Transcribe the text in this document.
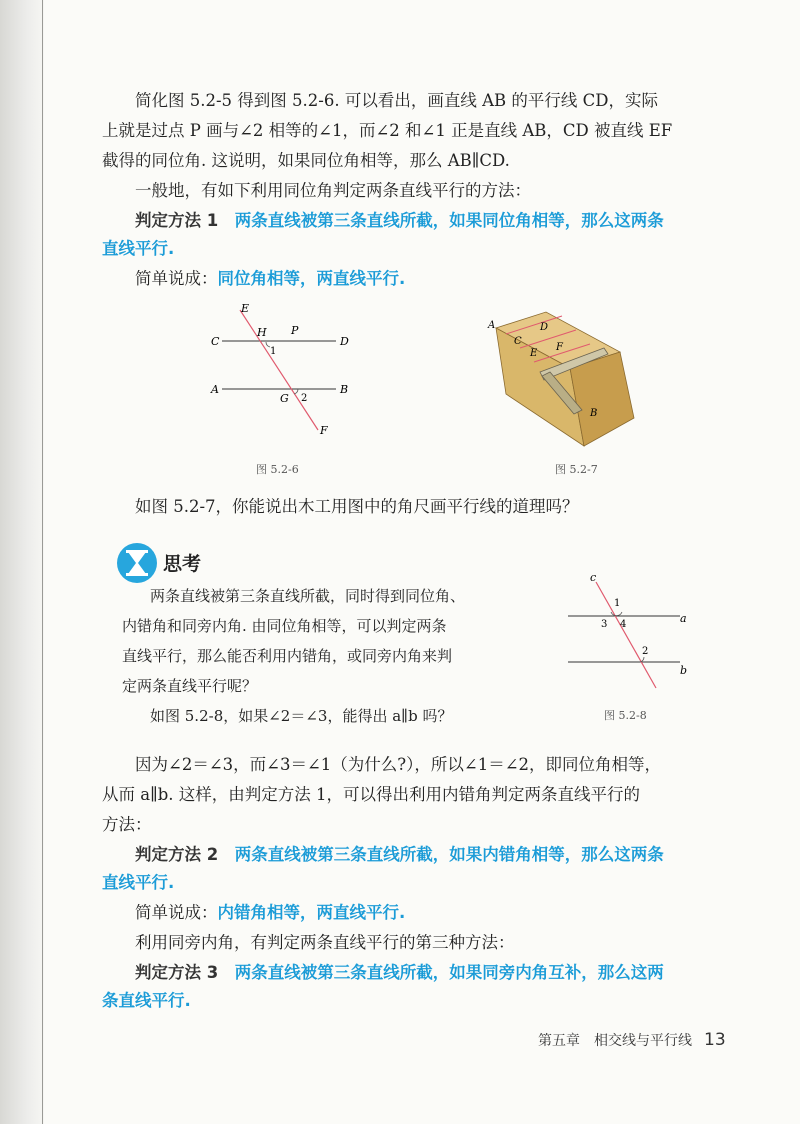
简化图 5.2-5 得到图 5.2-6. 可以看出，画直线 AB 的平行线 CD，实际

上就是过点 P 画与∠2 相等的∠1，而∠2 和∠1 正是直线 AB，CD 被直线 EF

截得的同位角. 这说明，如果同位角相等，那么 AB∥CD.

一般地，有如下利用同位角判定两条直线平行的方法：

判定方法 1　 两条直线被第三条直线所截，如果同位角相等，那么这两条

直线平行.

简单说成：同位角相等，两直线平行.

E
H P
C	D
1
A	B
G 2
F
图 5.2-6
A
C
D
E
F
B
图 5.2-7

如图 5.2-7，你能说出木工用图中的角尺画平行线的道理吗？

思考

两条直线被第三条直线所截，同时得到同位角、

内错角和同旁内角. 由同位角相等，可以判定两条

直线平行，那么能否利用内错角，或同旁内角来判

定两条直线平行呢？

如图 5.2-8，如果∠2＝∠3，能得出 a∥b 吗？

c
1
3 4	a
2
b
图 5.2-8

因为∠2＝∠3，而∠3＝∠1（为什么?），所以∠1＝∠2，即同位角相等，

从而 a∥b. 这样，由判定方法 1，可以得出利用内错角判定两条直线平行的

方法：

判定方法 2　 两条直线被第三条直线所截，如果内错角相等，那么这两条

直线平行.

简单说成：内错角相等，两直线平行.

利用同旁内角，有判定两条直线平行的第三种方法：

判定方法 3　 两条直线被第三条直线所截，如果同旁内角互补，那么这两

条直线平行.

第五章　相交线与平行线 13
